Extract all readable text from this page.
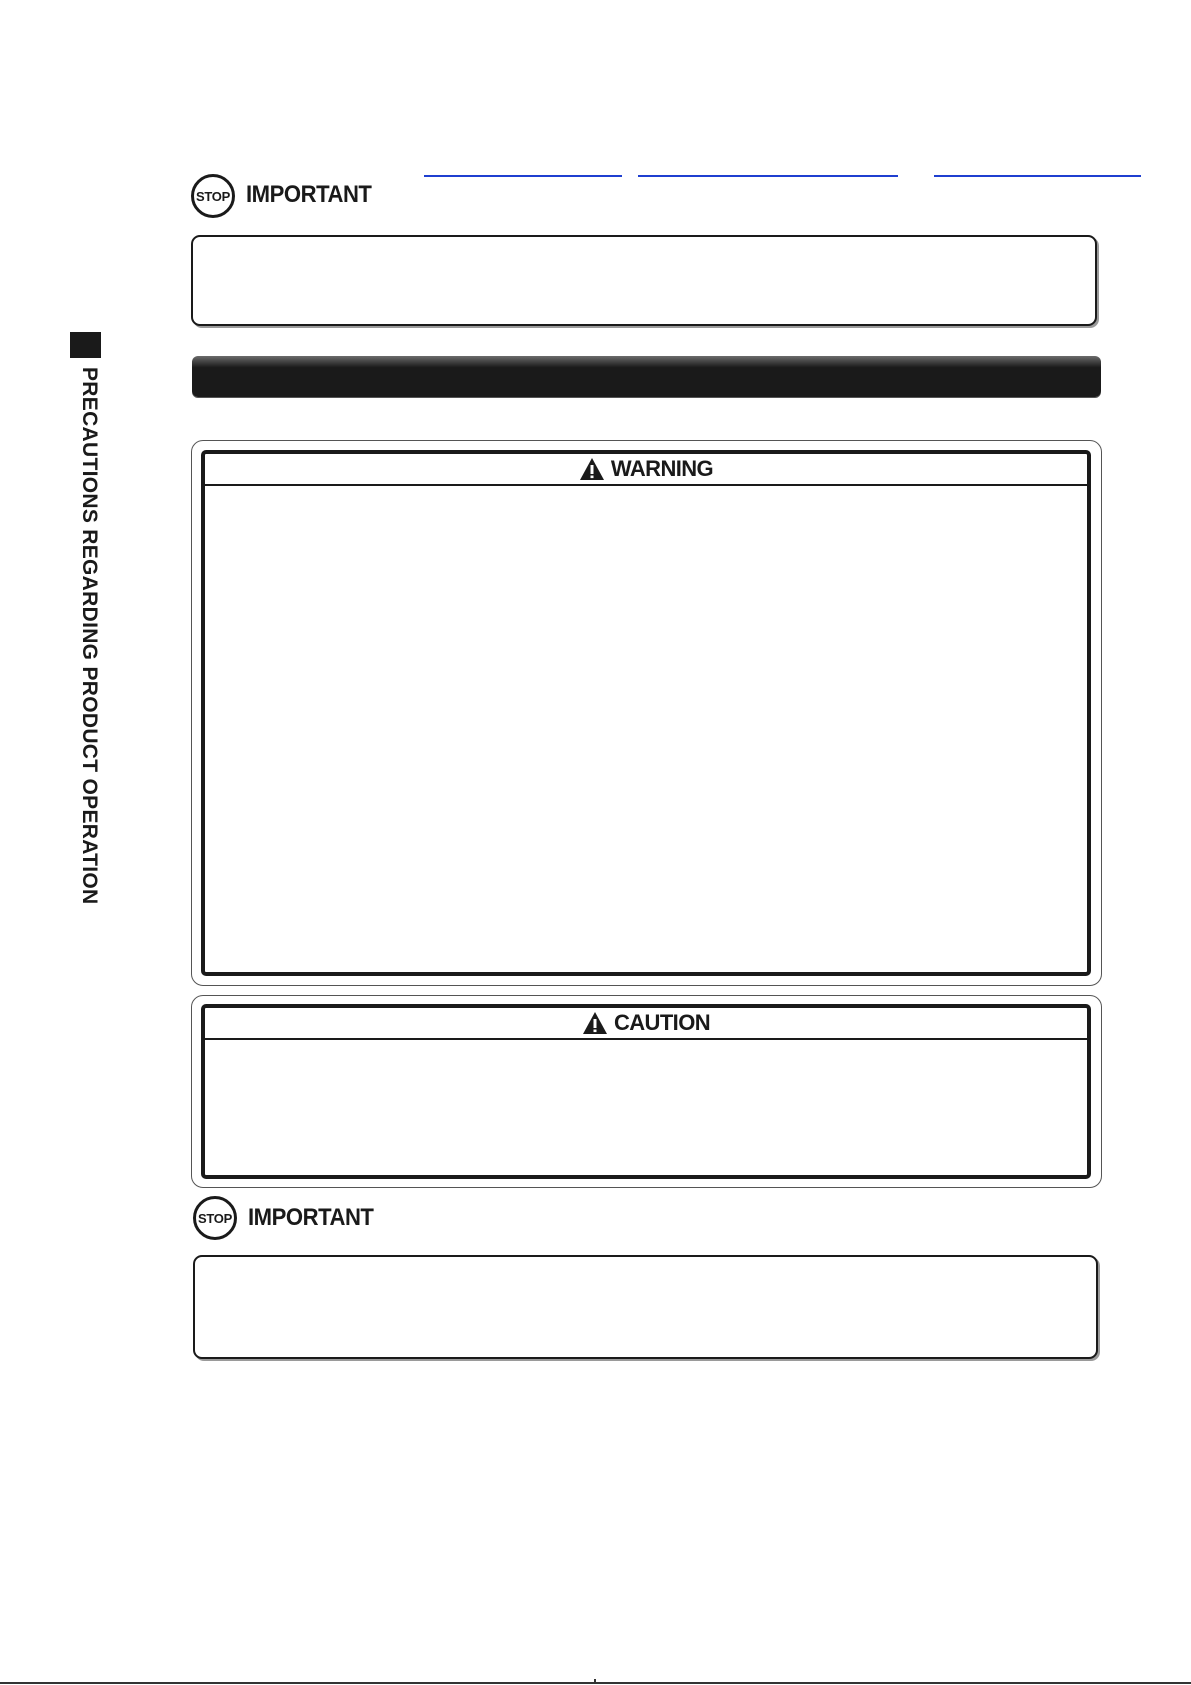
PRECAUTIONS REGARDING PRODUCT OPERATION
STOP IMPORTANT
WARNING
CAUTION
STOP IMPORTANT
